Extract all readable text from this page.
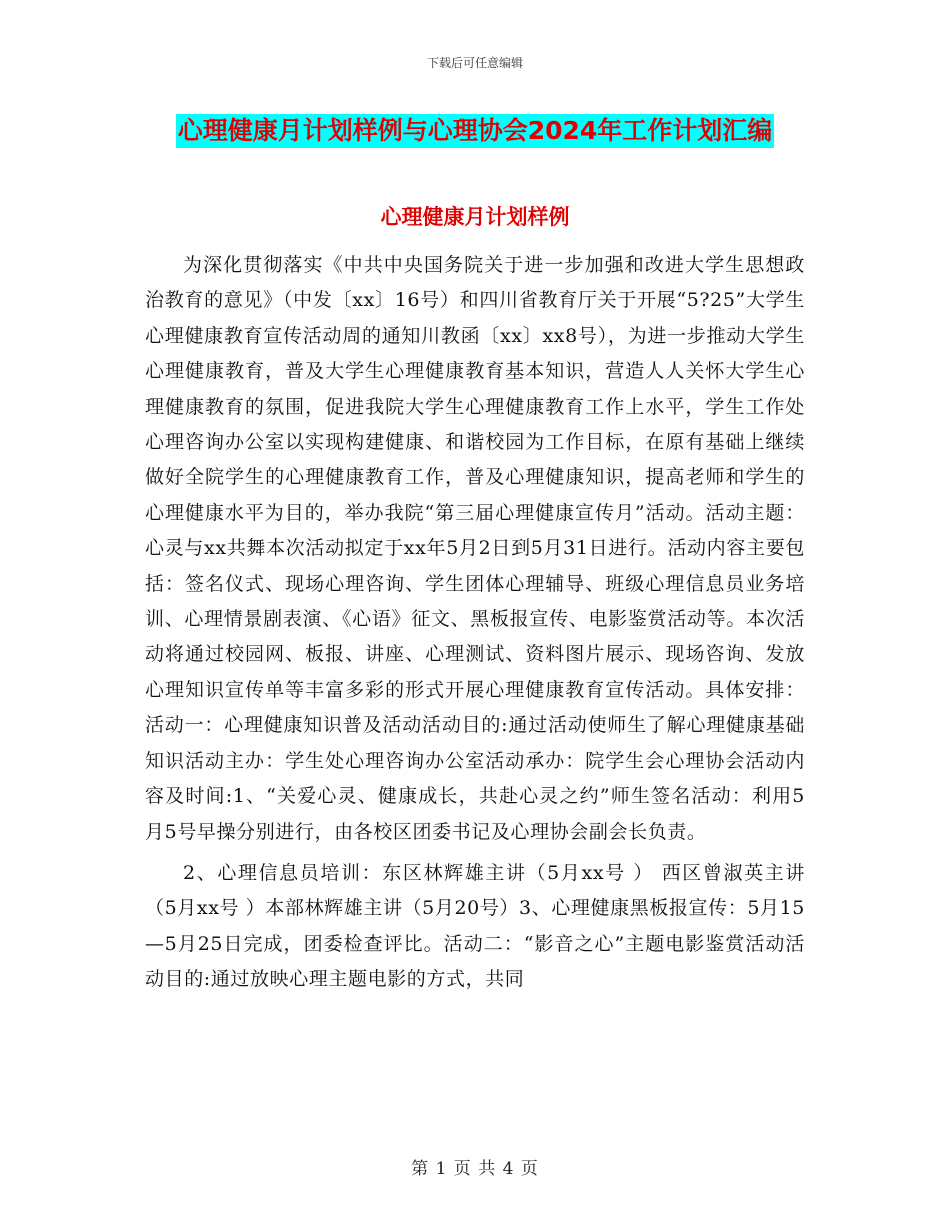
下载后可任意编辑
心理健康月计划样例与心理协会2024年工作计划汇编
心理健康月计划样例

为深化贯彻落实《中共中央国务院关于进一步加强和改进大学生思想政治教育的意见》（中发〔xx〕16号）和四川省教育厅关于开展“5?25”大学生心理健康教育宣传活动周的通知川教函〔xx〕xx8号），为进一步推动大学生心理健康教育，普及大学生心理健康教育基本知识，营造人人关怀大学生心理健康教育的氛围，促进我院大学生心理健康教育工作上水平，学生工作处心理咨询办公室以实现构建健康、和谐校园为工作目标，在原有基础上继续做好全院学生的心理健康教育工作，普及心理健康知识，提高老师和学生的心理健康水平为目的，举办我院“第三届心理健康宣传月”活动。活动主题：心灵与xx共舞本次活动拟定于xx年5月2日到5月31日进行。活动内容主要包括：签名仪式、现场心理咨询、学生团体心理辅导、班级心理信息员业务培训、心理情景剧表演、《心语》征文、黑板报宣传、电影鉴赏活动等。本次活动将通过校园网、板报、讲座、心理测试、资料图片展示、现场咨询、发放心理知识宣传单等丰富多彩的形式开展心理健康教育宣传活动。具体安排：活动一：心理健康知识普及活动活动目的:通过活动使师生了解心理健康基础知识活动主办：学生处心理咨询办公室活动承办：院学生会心理协会活动内容及时间:1、“关爱心灵、健康成长，共赴心灵之约”师生签名活动：利用5月5号早操分别进行，由各校区团委书记及心理协会副会长负责。

2、心理信息员培训：东区林辉雄主讲（5月xx号 ） 西区曾淑英主讲（5月xx号 ）本部林辉雄主讲（5月20号）3、心理健康黑板报宣传：5月15—5月25日完成，团委检查评比。活动二：“影音之心”主题电影鉴赏活动活动目的:通过放映心理主题电影的方式，共同

第 1 页 共 4 页
